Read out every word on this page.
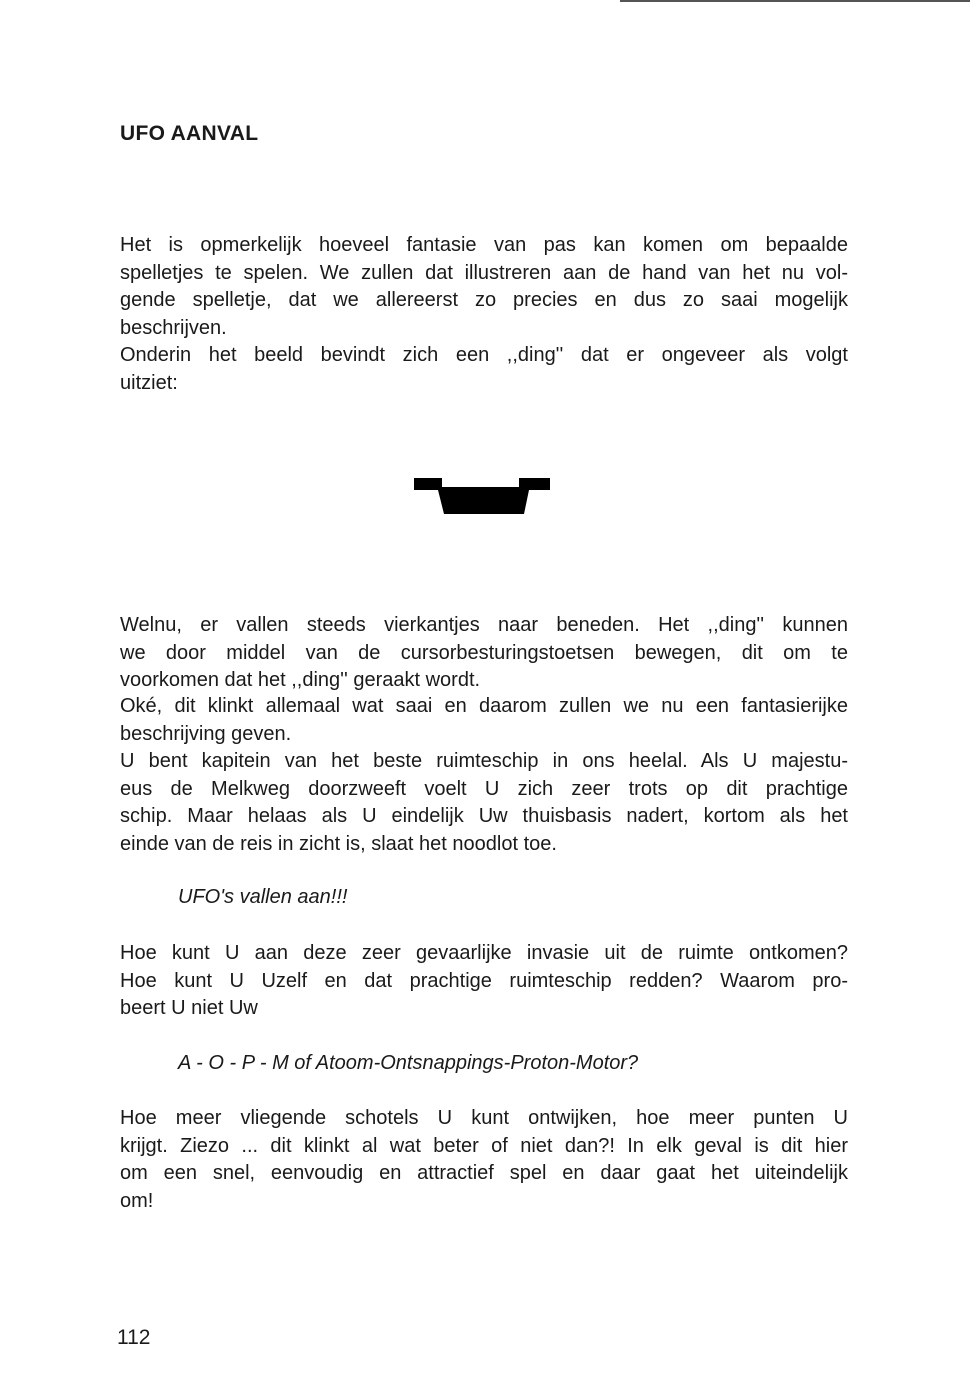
UFO AANVAL

Het is opmerkelijk hoeveel fantasie van pas kan komen om bepaalde
spelletjes te spelen. We zullen dat illustreren aan de hand van het nu vol-
gende spelletje, dat we allereerst zo precies en dus zo saai mogelijk
beschrijven.

Onderin het beeld bevindt zich een ,,ding'' dat er ongeveer als volgt
uitziet:

Welnu, er vallen steeds vierkantjes naar beneden. Het ,,ding'' kunnen
we door middel van de cursorbesturingstoetsen bewegen, dit om te
voorkomen dat het ,,ding'' geraakt wordt.

Oké, dit klinkt allemaal wat saai en daarom zullen we nu een fantasierijke
beschrijving geven.

U bent kapitein van het beste ruimteschip in ons heelal. Als U majestu-
eus de Melkweg doorzweeft voelt U zich zeer trots op dit prachtige
schip. Maar helaas als U eindelijk Uw thuisbasis nadert, kortom als het
einde van de reis in zicht is, slaat het noodlot toe.

UFO's vallen aan!!!

Hoe kunt U aan deze zeer gevaarlijke invasie uit de ruimte ontkomen?
Hoe kunt U Uzelf en dat prachtige ruimteschip redden? Waarom pro-
beert U niet Uw

A - O - P - M of Atoom-Ontsnappings-Proton-Motor?

Hoe meer vliegende schotels U kunt ontwijken, hoe meer punten U
krijgt. Ziezo ... dit klinkt al wat beter of niet dan?! In elk geval is dit hier
om een snel, eenvoudig en attractief spel en daar gaat het uiteindelijk
om!

112
